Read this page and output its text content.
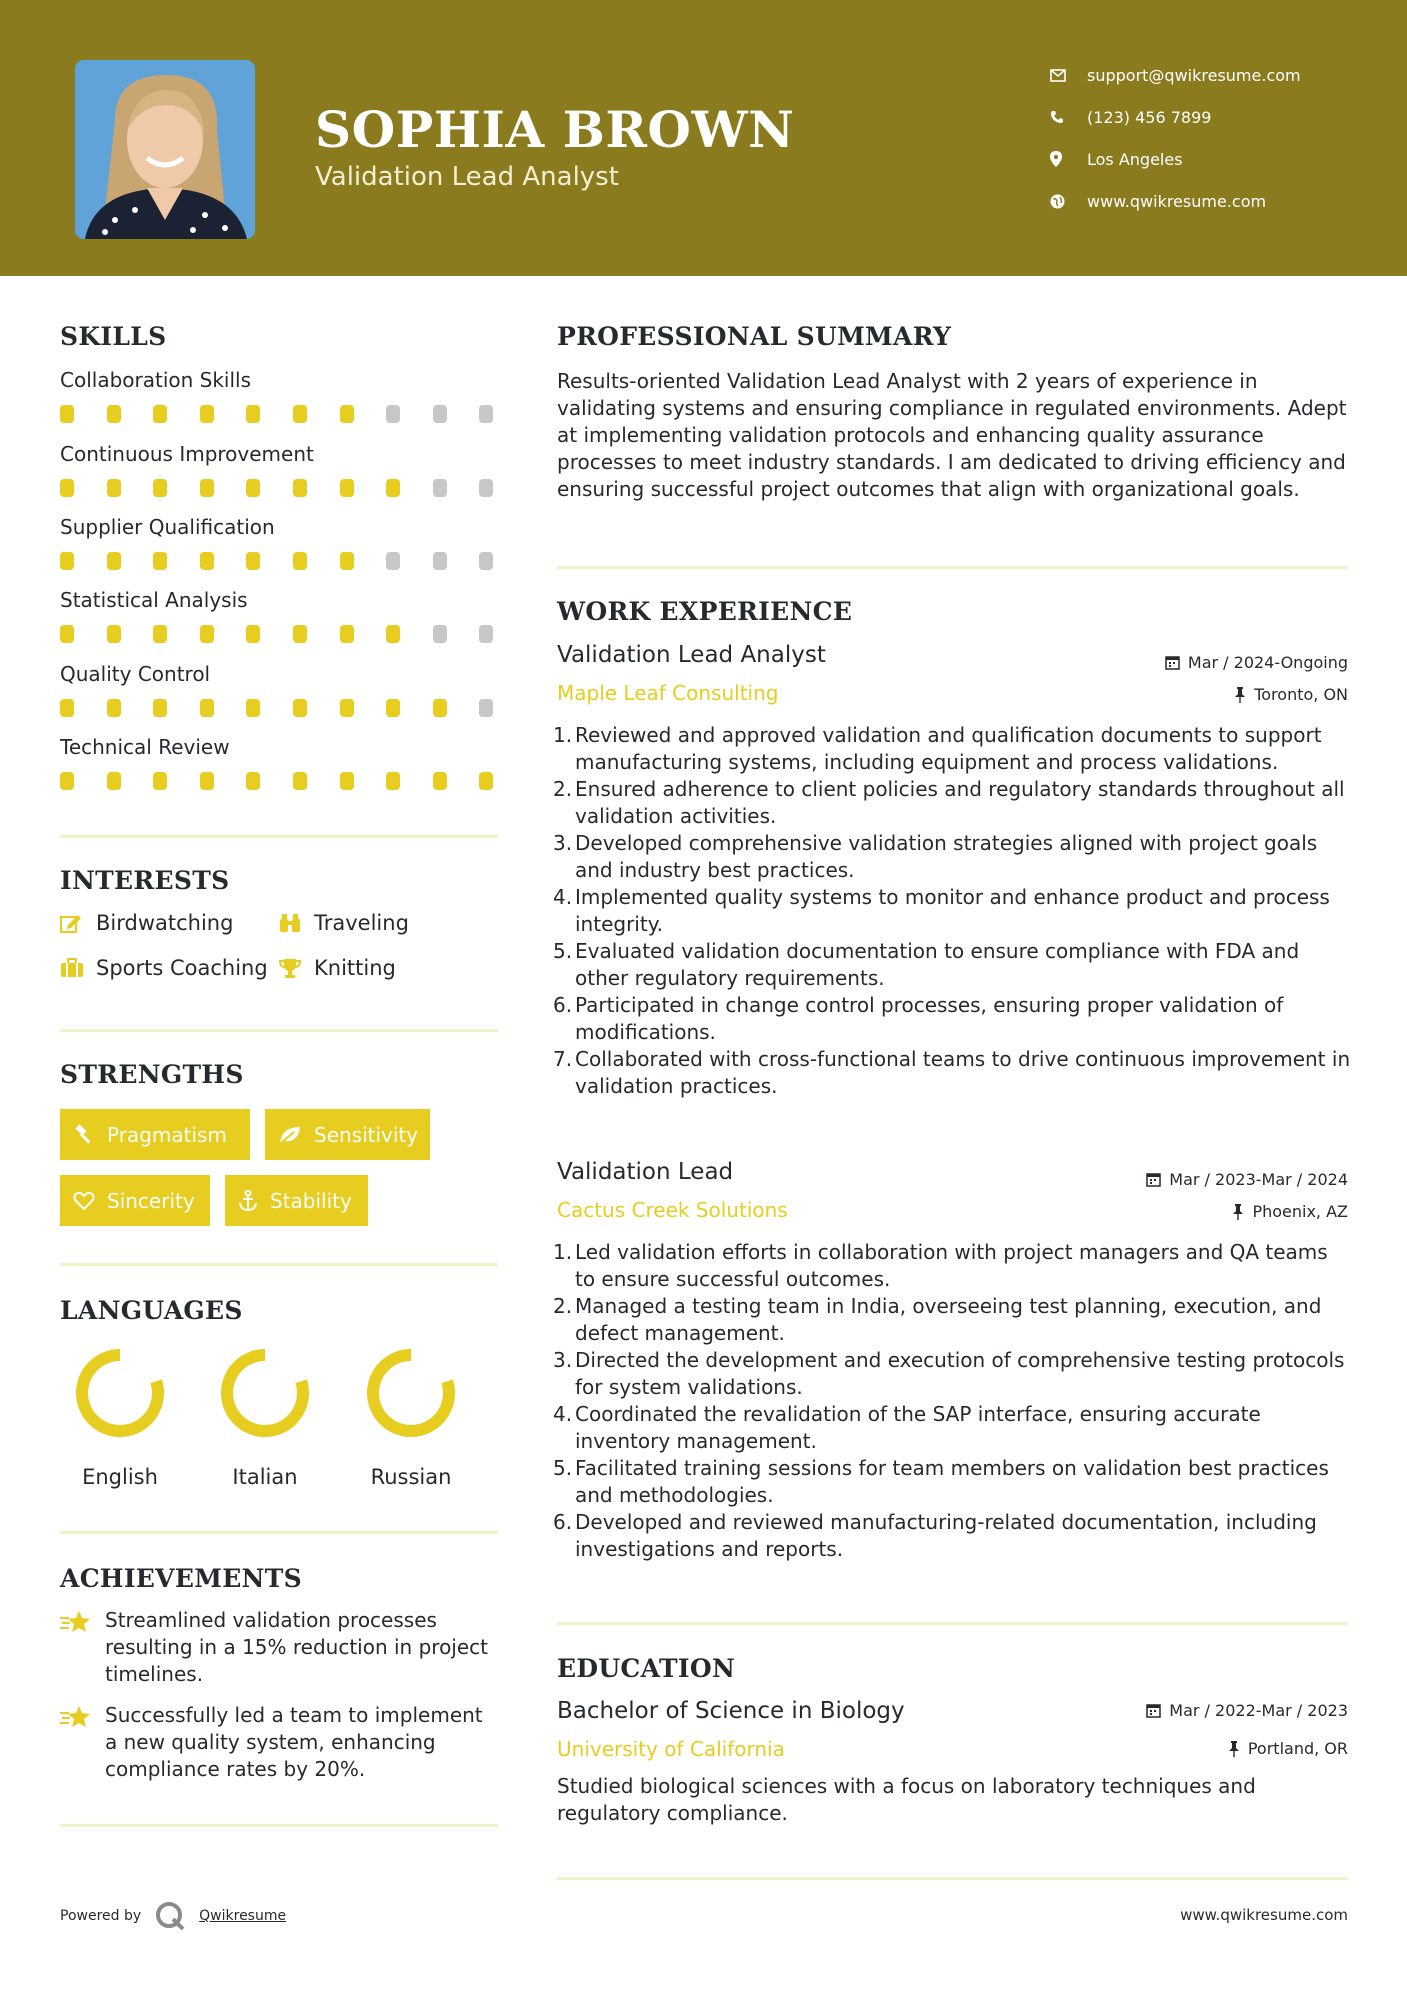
SOPHIA BROWN
Validation Lead Analyst
support@qwikresume.com
(123) 456 7899
Los Angeles
www.qwikresume.com
SKILLS
Collaboration Skills
Continuous Improvement
Supplier Qualification
Statistical Analysis
Quality Control
Technical Review
INTERESTS
Birdwatching	Traveling
Sports Coaching Knitting
STRENGTHS
Pragmatism	Sensitivity
Sincerity	Stability
LANGUAGES
English	Italian	Russian
ACHIEVEMENTS
Streamlined validation processes resulting in a 15% reduction in project timelines.
Successfully led a team to implement a new quality system, enhancing compliance rates by 20%.
PROFESSIONAL SUMMARY
Results-oriented Validation Lead Analyst with 2 years of experience in validating systems and ensuring compliance in regulated environments. Adept at implementing validation protocols and enhancing quality assurance processes to meet industry standards. I am dedicated to driving efficiency and ensuring successful project outcomes that align with organizational goals.
WORK EXPERIENCE
Validation Lead Analyst	Mar / 2024-Ongoing
Maple Leaf Consulting	Toronto, ON
1. Reviewed and approved validation and qualification documents to support manufacturing systems, including equipment and process validations.
2. Ensured adherence to client policies and regulatory standards throughout all validation activities.
3. Developed comprehensive validation strategies aligned with project goals and industry best practices.
4. Implemented quality systems to monitor and enhance product and process integrity.
5. Evaluated validation documentation to ensure compliance with FDA and other regulatory requirements.
6. Participated in change control processes, ensuring proper validation of modifications.
7. Collaborated with cross-functional teams to drive continuous improvement in validation practices.
Validation Lead	Mar / 2023-Mar / 2024
Cactus Creek Solutions	Phoenix, AZ
1. Led validation efforts in collaboration with project managers and QA teams to ensure successful outcomes.
2. Managed a testing team in India, overseeing test planning, execution, and defect management.
3. Directed the development and execution of comprehensive testing protocols for system validations.
4. Coordinated the revalidation of the SAP interface, ensuring accurate inventory management.
5. Facilitated training sessions for team members on validation best practices and methodologies.
6. Developed and reviewed manufacturing-related documentation, including investigations and reports.
EDUCATION
Bachelor of Science in Biology	Mar / 2022-Mar / 2023
University of California	Portland, OR
Studied biological sciences with a focus on laboratory techniques and regulatory compliance.
Powered by	Qwikresume	www.qwikresume.com
